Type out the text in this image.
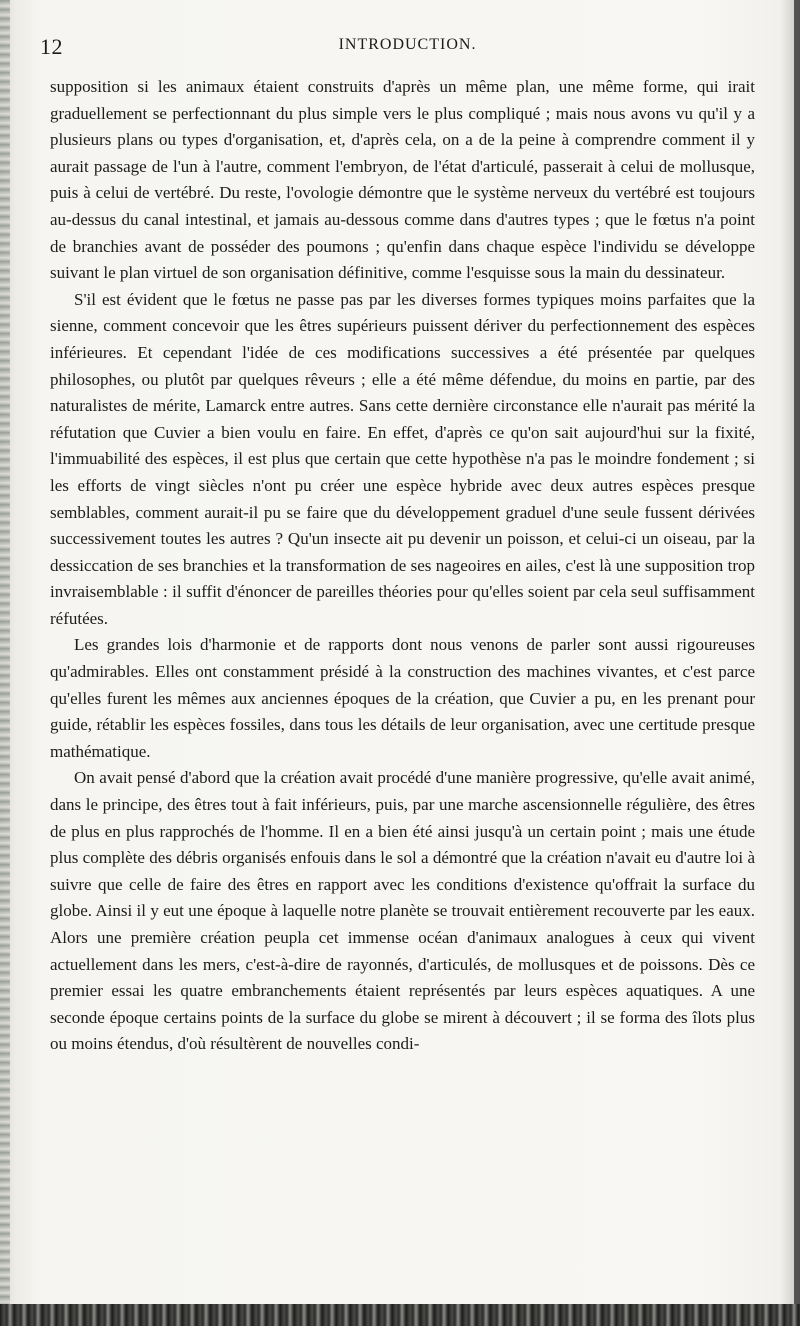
12	INTRODUCTION.

supposition si les animaux étaient construits d'après un même plan, une même forme, qui irait graduellement se perfectionnant du plus simple vers le plus compliqué ; mais nous avons vu qu'il y a plusieurs plans ou types d'organisation, et, d'après cela, on a de la peine à comprendre comment il y aurait passage de l'un à l'autre, comment l'embryon, de l'état d'articulé, passerait à celui de mollusque, puis à celui de vertébré. Du reste, l'ovologie démontre que le système nerveux du vertébré est toujours au-dessus du canal intestinal, et jamais au-dessous comme dans d'autres types ; que le fœtus n'a point de branchies avant de posséder des poumons ; qu'enfin dans chaque espèce l'individu se développe suivant le plan virtuel de son organisation définitive, comme l'esquisse sous la main du dessinateur.

S'il est évident que le fœtus ne passe pas par les diverses formes typiques moins parfaites que la sienne, comment concevoir que les êtres supérieurs puissent dériver du perfectionnement des espèces inférieures. Et cependant l'idée de ces modifications successives a été présentée par quelques philosophes, ou plutôt par quelques rêveurs ; elle a été même défendue, du moins en partie, par des naturalistes de mérite, Lamarck entre autres. Sans cette dernière circonstance elle n'aurait pas mérité la réfutation que Cuvier a bien voulu en faire. En effet, d'après ce qu'on sait aujourd'hui sur la fixité, l'immuabilité des espèces, il est plus que certain que cette hypothèse n'a pas le moindre fondement ; si les efforts de vingt siècles n'ont pu créer une espèce hybride avec deux autres espèces presque semblables, comment aurait-il pu se faire que du développement graduel d'une seule fussent dérivées successivement toutes les autres ? Qu'un insecte ait pu devenir un poisson, et celui-ci un oiseau, par la dessiccation de ses branchies et la transformation de ses nageoires en ailes, c'est là une supposition trop invraisemblable : il suffit d'énoncer de pareilles théories pour qu'elles soient par cela seul suffisamment réfutées.

Les grandes lois d'harmonie et de rapports dont nous venons de parler sont aussi rigoureuses qu'admirables. Elles ont constamment présidé à la construction des machines vivantes, et c'est parce qu'elles furent les mêmes aux anciennes époques de la création, que Cuvier a pu, en les prenant pour guide, rétablir les espèces fossiles, dans tous les détails de leur organisation, avec une certitude presque mathématique.

On avait pensé d'abord que la création avait procédé d'une manière progressive, qu'elle avait animé, dans le principe, des êtres tout à fait inférieurs, puis, par une marche ascensionnelle régulière, des êtres de plus en plus rapprochés de l'homme. Il en a bien été ainsi jusqu'à un certain point ; mais une étude plus complète des débris organisés enfouis dans le sol a démontré que la création n'avait eu d'autre loi à suivre que celle de faire des êtres en rapport avec les conditions d'existence qu'offrait la surface du globe. Ainsi il y eut une époque à laquelle notre planète se trouvait entièrement recouverte par les eaux. Alors une première création peupla cet immense océan d'animaux analogues à ceux qui vivent actuellement dans les mers, c'est-à-dire de rayonnés, d'articulés, de mollusques et de poissons. Dès ce premier essai les quatre embranchements étaient représentés par leurs espèces aquatiques. A une seconde époque certains points de la surface du globe se mirent à découvert ; il se forma des îlots plus ou moins étendus, d'où résultèrent de nouvelles condi-
